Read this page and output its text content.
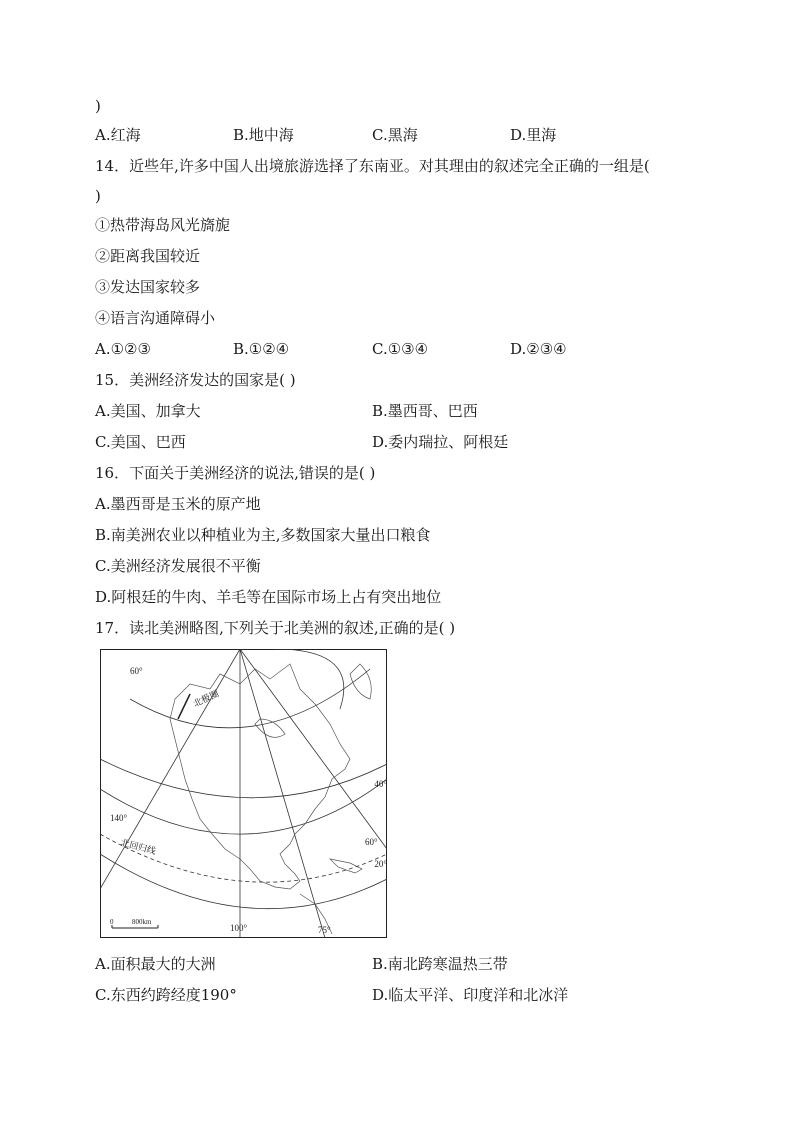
)
A.红海	B.地中海	C.黑海	D.里海
14．近些年,许多中国人出境旅游选择了东南亚。对其理由的叙述完全正确的一组是(
)
①热带海岛风光旖旎
②距离我国较近
③发达国家较多
④语言沟通障碍小
A.①②③	B.①②④	C.①③④	D.②③④
15．美洲经济发达的国家是( )
A.美国、加拿大	B.墨西哥、巴西
C.美国、巴西	D.委内瑞拉、阿根廷
16．下面关于美洲经济的说法,错误的是( )
A.墨西哥是玉米的原产地
B.南美洲农业以种植业为主,多数国家大量出口粮食
C.美洲经济发展很不平衡
D.阿根廷的牛肉、羊毛等在国际市场上占有突出地位
17．读北美洲略图,下列关于北美洲的叙述,正确的是( )
60°
北极圈
40°
140°
北回归线	60°
20°
100°	75°
0	800km
A.面积最大的大洲	B.南北跨寒温热三带
C.东西约跨经度190°	D.临太平洋、印度洋和北冰洋
